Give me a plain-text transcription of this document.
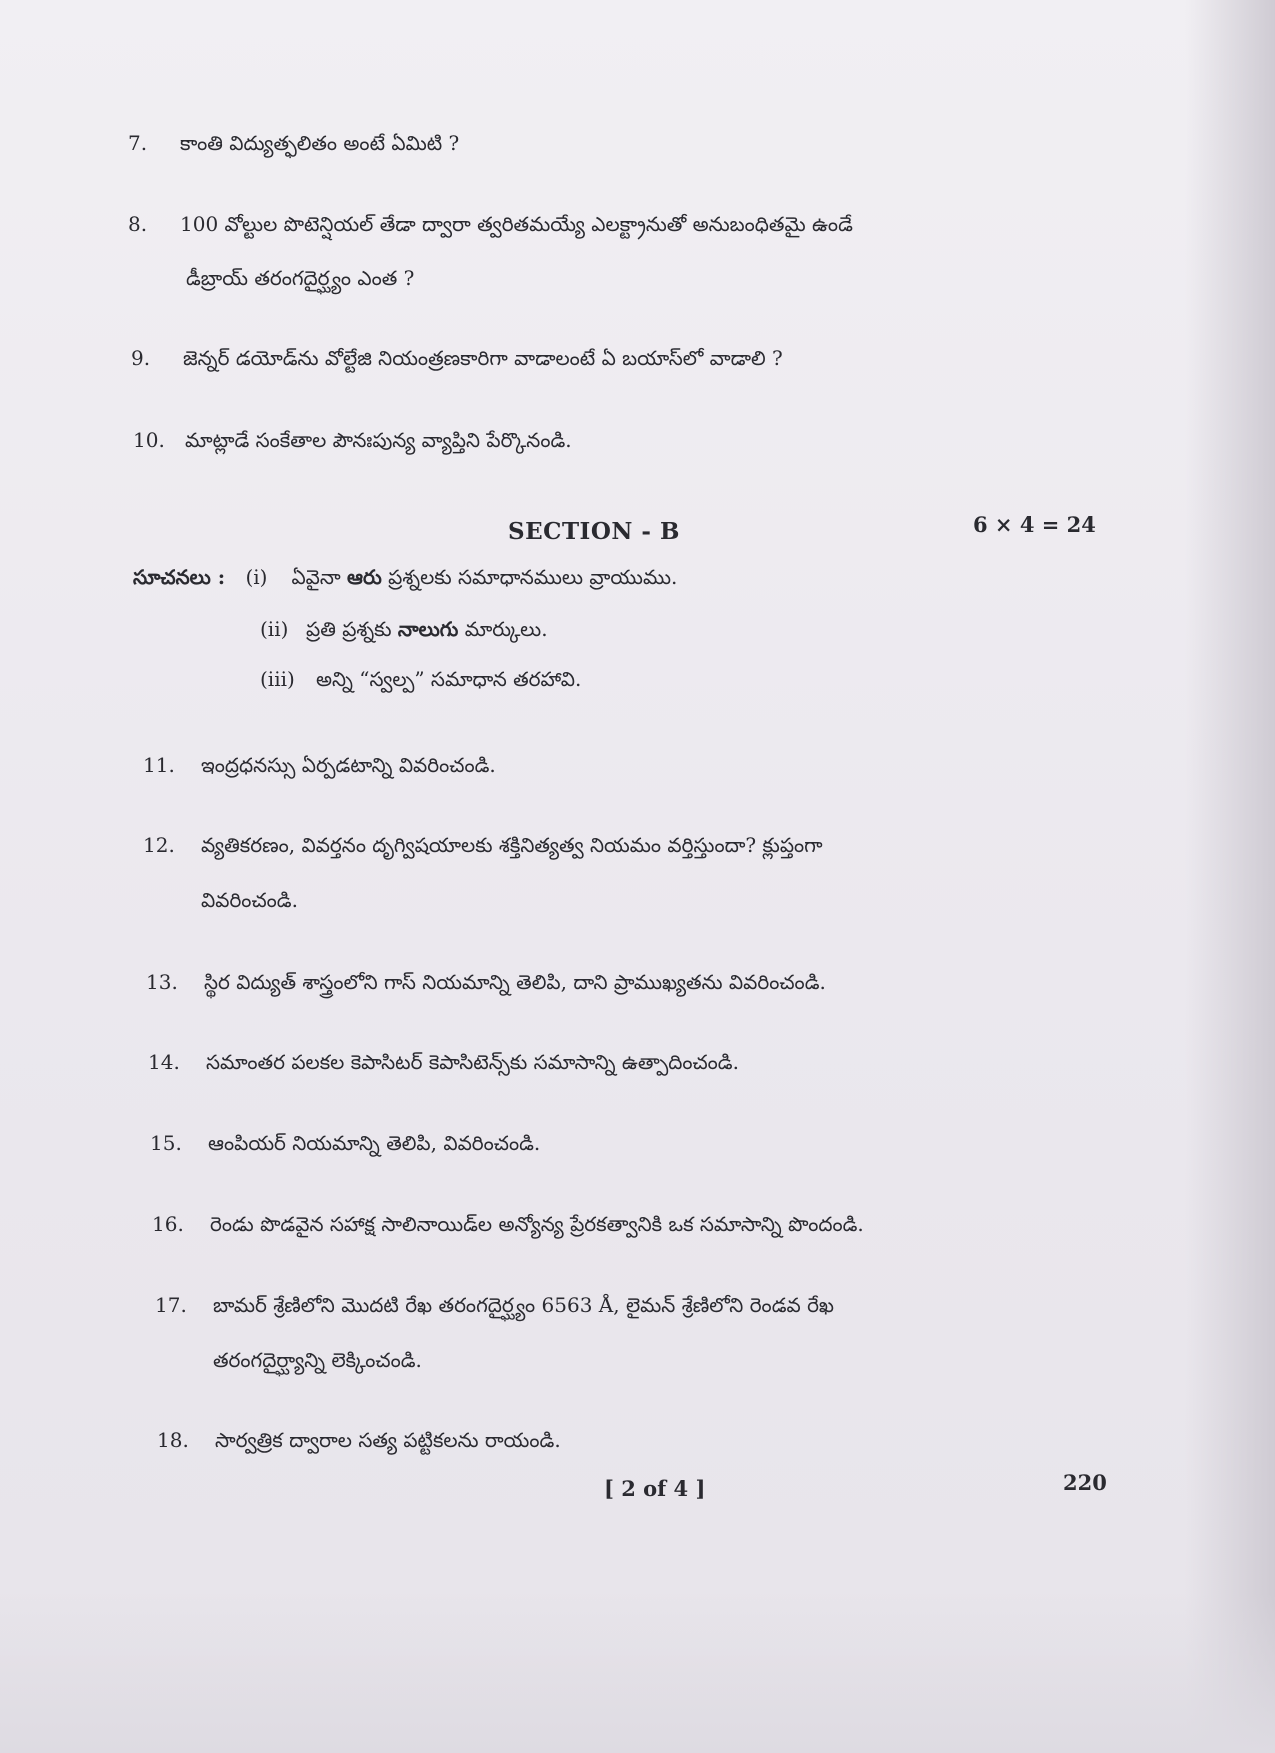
7. కాంతి విద్యుత్ఫలితం అంటే ఏమిటి ?
8. 100 వోల్టుల పొటెన్షియల్ తేడా ద్వారా త్వరితమయ్యే ఎలక్ట్రానుతో అనుబంధితమై ఉండే
డీబ్రాయ్ తరంగదైర్ఘ్యం ఎంత ?
9. జెన్నర్ డయోడ్‌ను వోల్టేజి నియంత్రణకారిగా వాడాలంటే ఏ బయాస్‌లో వాడాలి ?
10. మాట్లాడే సంకేతాల పౌనఃపున్య వ్యాప్తిని పేర్కొనండి.
SECTION - B	6 × 4 = 24
సూచనలు : (i) ఏవైనా ఆరు ప్రశ్నలకు సమాధానములు వ్రాయుము.
(ii) ప్రతి ప్రశ్నకు నాలుగు మార్కులు.
(iii) అన్ని “స్వల్ప” సమాధాన తరహావి.
11. ఇంద్రధనస్సు ఏర్పడటాన్ని వివరించండి.
12. వ్యతికరణం, వివర్తనం దృగ్విషయాలకు శక్తినిత్యత్వ నియమం వర్తిస్తుందా? క్లుప్తంగా
వివరించండి.
13. స్థిర విద్యుత్ శాస్త్రంలోని గాస్ నియమాన్ని తెలిపి, దాని ప్రాముఖ్యతను వివరించండి.
14. సమాంతర పలకల కెపాసిటర్ కెపాసిటెన్స్‌కు సమాసాన్ని ఉత్పాదించండి.
15. ఆంపియర్ నియమాన్ని తెలిపి, వివరించండి.
16. రెండు పొడవైన సహాక్ష సాలినాయిడ్‌ల అన్యోన్య ప్రేరకత్వానికి ఒక సమాసాన్ని పొందండి.
17. బామర్ శ్రేణిలోని మొదటి రేఖ తరంగదైర్ఘ్యం 6563 Å, లైమన్ శ్రేణిలోని రెండవ రేఖ
తరంగదైర్ఘ్యాన్ని లెక్కించండి.
18. సార్వత్రిక ద్వారాల సత్య పట్టికలను రాయండి.
[ 2 of 4 ]	220
